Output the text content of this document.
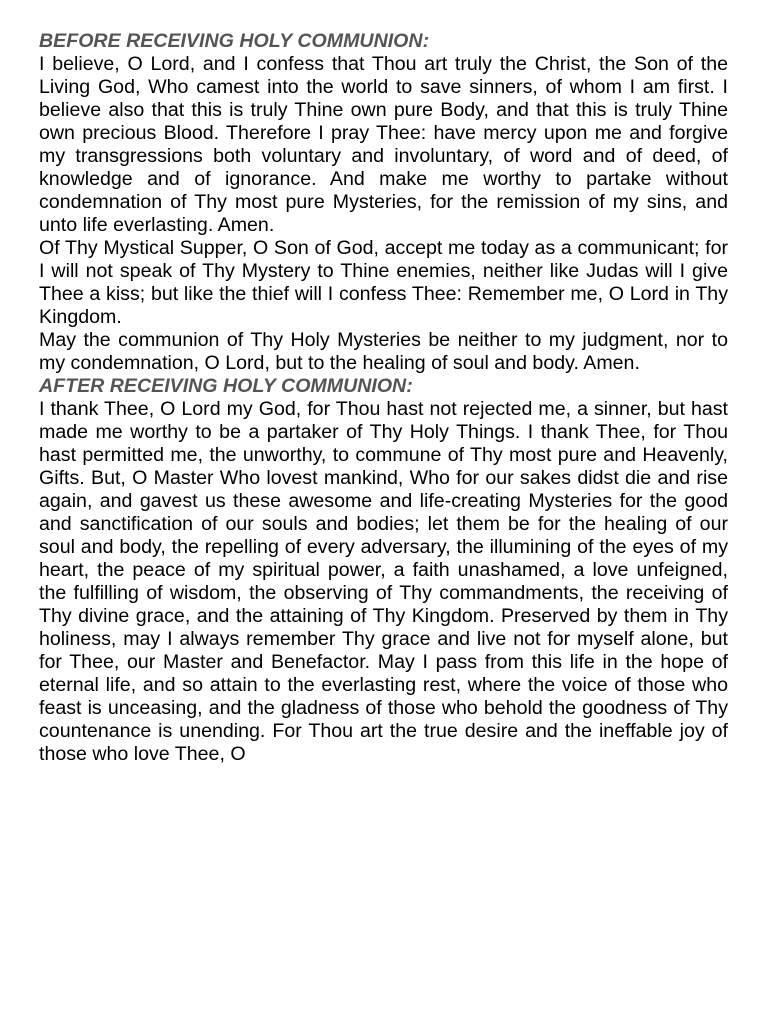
BEFORE RECEIVING HOLY COMMUNION:

I believe, O Lord, and I confess that Thou art truly the Christ, the Son of the Living God, Who camest into the world to save sinners, of whom I am first. I believe also that this is truly Thine own pure Body, and that this is truly Thine own precious Blood. Therefore I pray Thee: have mercy upon me and forgive my transgressions both voluntary and involuntary, of word and of deed, of knowledge and of ignorance. And make me worthy to partake without condemnation of Thy most pure Mysteries, for the remission of my sins, and unto life everlasting. Amen.

Of Thy Mystical Supper, O Son of God, accept me today as a communicant; for I will not speak of Thy Mystery to Thine enemies, neither like Judas will I give Thee a kiss; but like the thief will I confess Thee: Remember me, O Lord in Thy Kingdom.

May the communion of Thy Holy Mysteries be neither to my judgment, nor to my condemnation, O Lord, but to the healing of soul and body. Amen.

AFTER RECEIVING HOLY COMMUNION:

I thank Thee, O Lord my God, for Thou hast not rejected me, a sinner, but hast made me worthy to be a partaker of Thy Holy Things. I thank Thee, for Thou hast permitted me, the unworthy, to commune of Thy most pure and Heavenly, Gifts. But, O Master Who lovest mankind, Who for our sakes didst die and rise again, and gavest us these awesome and life-creating Mysteries for the good and sanctification of our souls and bodies; let them be for the healing of our soul and body, the repelling of every adversary, the illumining of the eyes of my heart, the peace of my spiritual power, a faith unashamed, a love unfeigned, the fulfilling of wisdom, the observing of Thy commandments, the receiving of Thy divine grace, and the attaining of Thy Kingdom. Preserved by them in Thy holiness, may I always remember Thy grace and live not for myself alone, but for Thee, our Master and Benefactor. May I pass from this life in the hope of eternal life, and so attain to the everlasting rest, where the voice of those who feast is unceasing, and the gladness of those who behold the goodness of Thy countenance is unending. For Thou art the true desire and the ineffable joy of those who love Thee, O
